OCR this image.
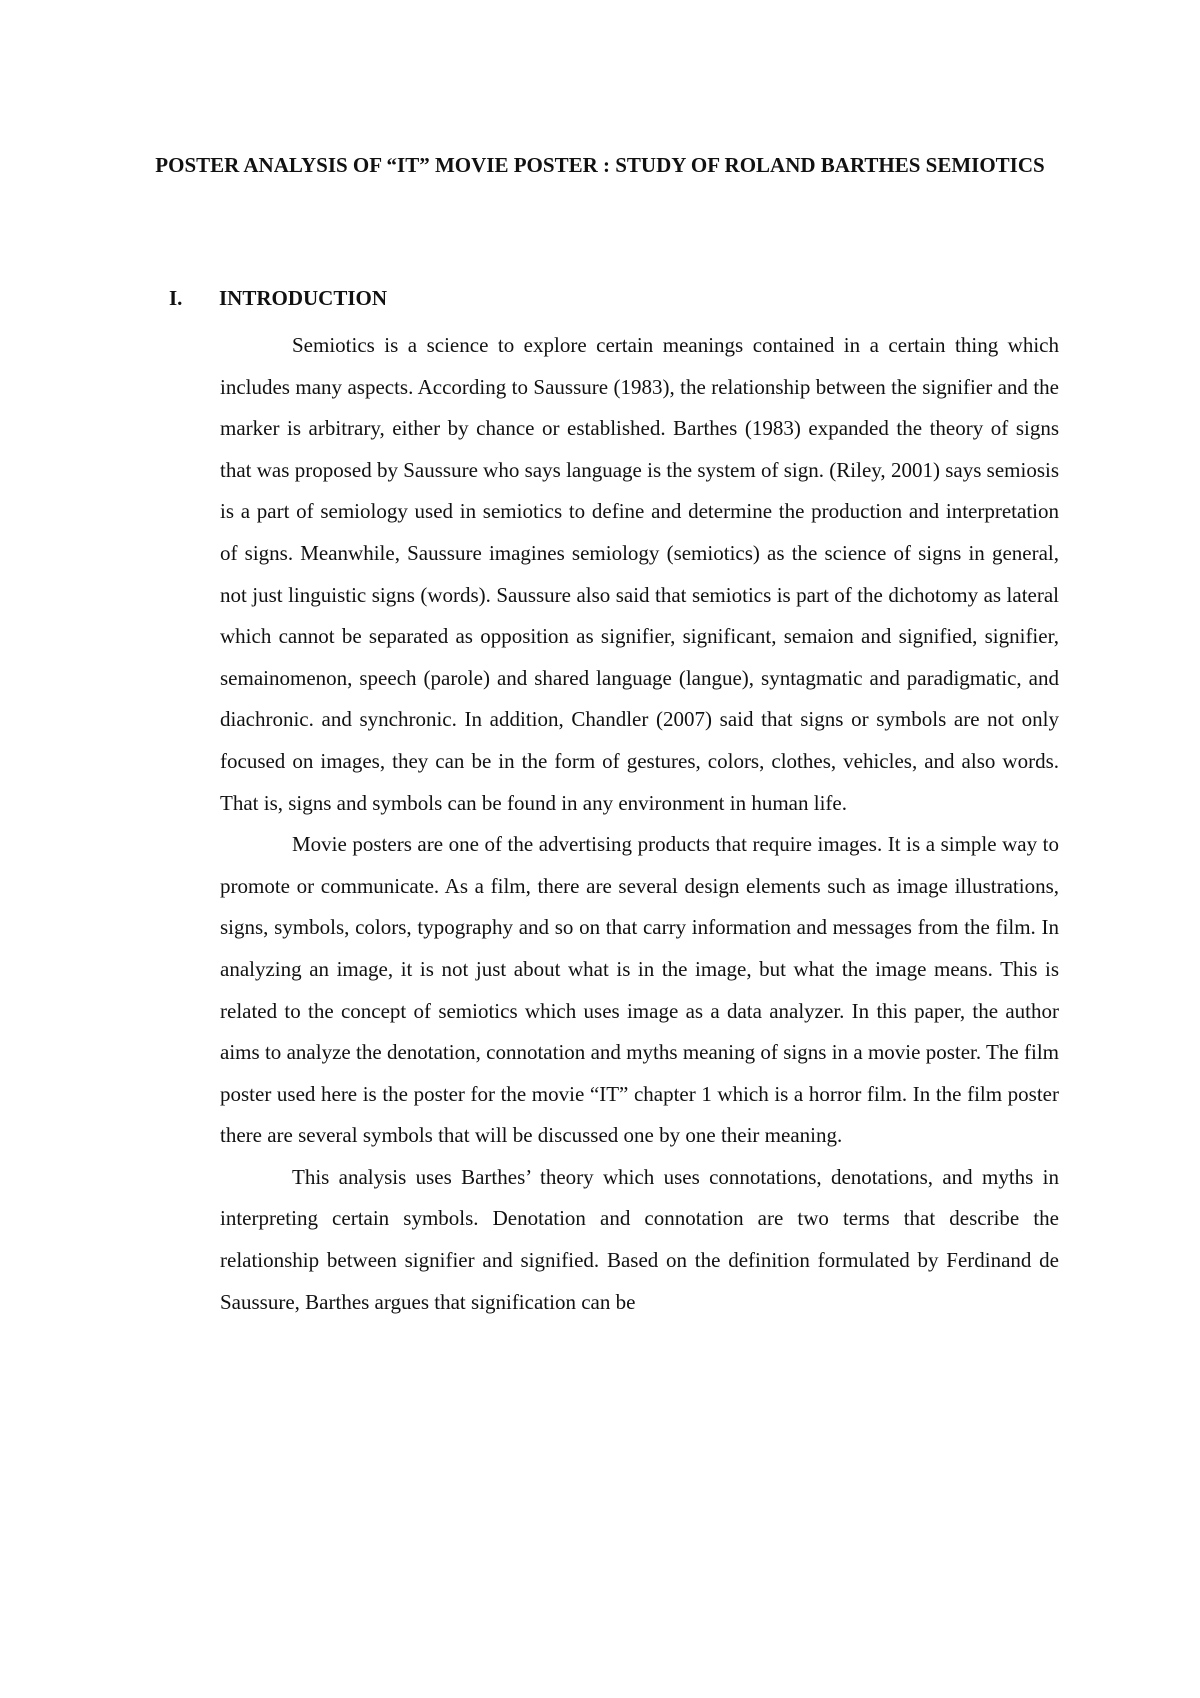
POSTER ANALYSIS OF “IT” MOVIE POSTER : STUDY OF ROLAND BARTHES SEMIOTICS
I. INTRODUCTION

Semiotics is a science to explore certain meanings contained in a certain thing which includes many aspects. According to Saussure (1983), the relationship between the signifier and the marker is arbitrary, either by chance or established. Barthes (1983) expanded the theory of signs that was proposed by Saussure who says language is the system of sign. (Riley, 2001) says semiosis is a part of semiology used in semiotics to define and determine the production and interpretation of signs. Meanwhile, Saussure imagines semiology (semiotics) as the science of signs in general, not just linguistic signs (words). Saussure also said that semiotics is part of the dichotomy as lateral which cannot be separated as opposition as signifier, significant, semaion and signified, signifier, semainomenon, speech (parole) and shared language (langue), syntagmatic and paradigmatic, and diachronic. and synchronic. In addition, Chandler (2007) said that signs or symbols are not only focused on images, they can be in the form of gestures, colors, clothes, vehicles, and also words. That is, signs and symbols can be found in any environment in human life.

Movie posters are one of the advertising products that require images. It is a simple way to promote or communicate. As a film, there are several design elements such as image illustrations, signs, symbols, colors, typography and so on that carry information and messages from the film. In analyzing an image, it is not just about what is in the image, but what the image means. This is related to the concept of semiotics which uses image as a data analyzer. In this paper, the author aims to analyze the denotation, connotation and myths meaning of signs in a movie poster. The film poster used here is the poster for the movie “IT” chapter 1 which is a horror film. In the film poster there are several symbols that will be discussed one by one their meaning.

This analysis uses Barthes’ theory which uses connotations, denotations, and myths in interpreting certain symbols. Denotation and connotation are two terms that describe the relationship between signifier and signified. Based on the definition formulated by Ferdinand de Saussure, Barthes argues that signification can be
